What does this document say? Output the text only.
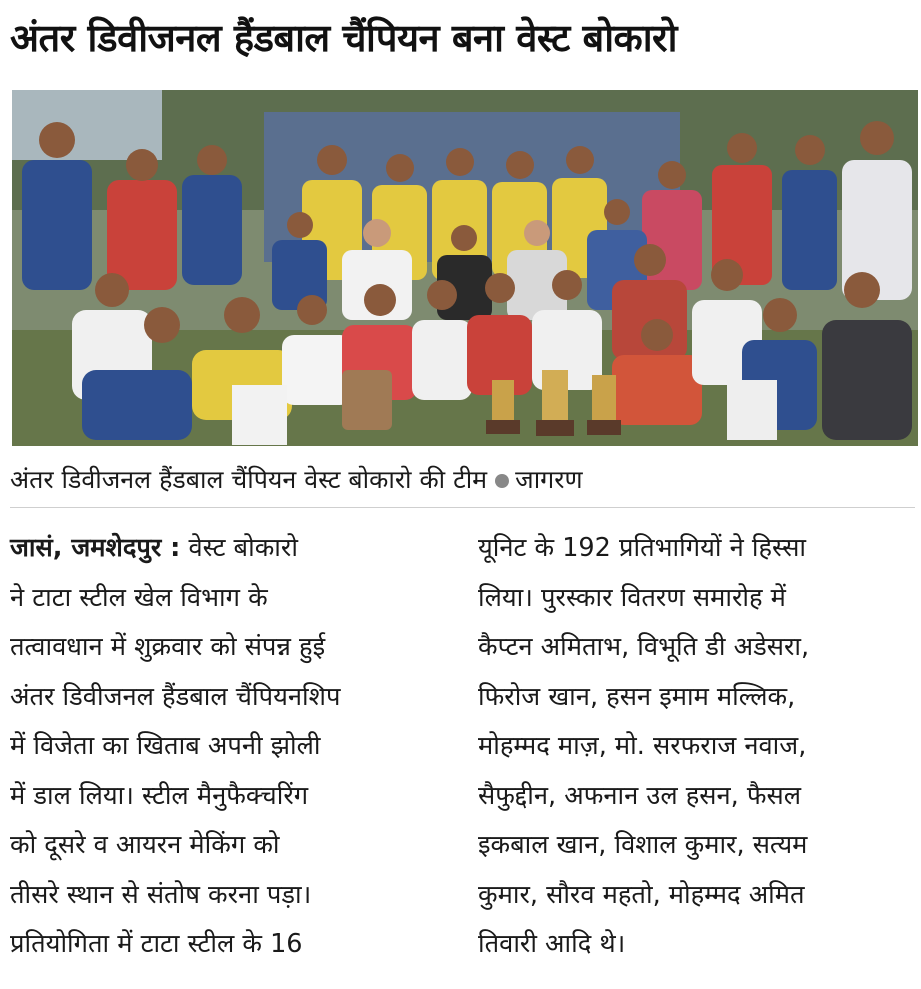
अंतर डिवीजनल हैंडबाल चैंपियन बना वेस्ट बोकारो
अंतर डिवीजनल हैंडबाल चैंपियन वेस्ट बोकारो की टीम जागरण

जासं, जमशेदपुर : वेस्ट बोकारो

ने टाटा स्टील खेल विभाग के

तत्वावधान में शुक्रवार को संपन्न हुई

अंतर डिवीजनल हैंडबाल चैंपियनशिप

में विजेता का खिताब अपनी झोली

में डाल लिया। स्टील मैनुफैक्चरिंग

को दूसरे व आयरन मेकिंग को

तीसरे स्थान से संतोष करना पड़ा।

प्रतियोगिता में टाटा स्टील के 16

यूनिट के 192 प्रतिभागियों ने हिस्सा

लिया। पुरस्कार वितरण समारोह में

कैप्टन अमिताभ, विभूति डी अडेसरा,

फिरोज खान, हसन इमाम मल्लिक,

मोहम्मद माज़, मो. सरफराज नवाज,

सैफुद्दीन, अफनान उल हसन, फैसल

इकबाल खान, विशाल कुमार, सत्यम

कुमार, सौरव महतो, मोहम्मद अमित

तिवारी आदि थे।
